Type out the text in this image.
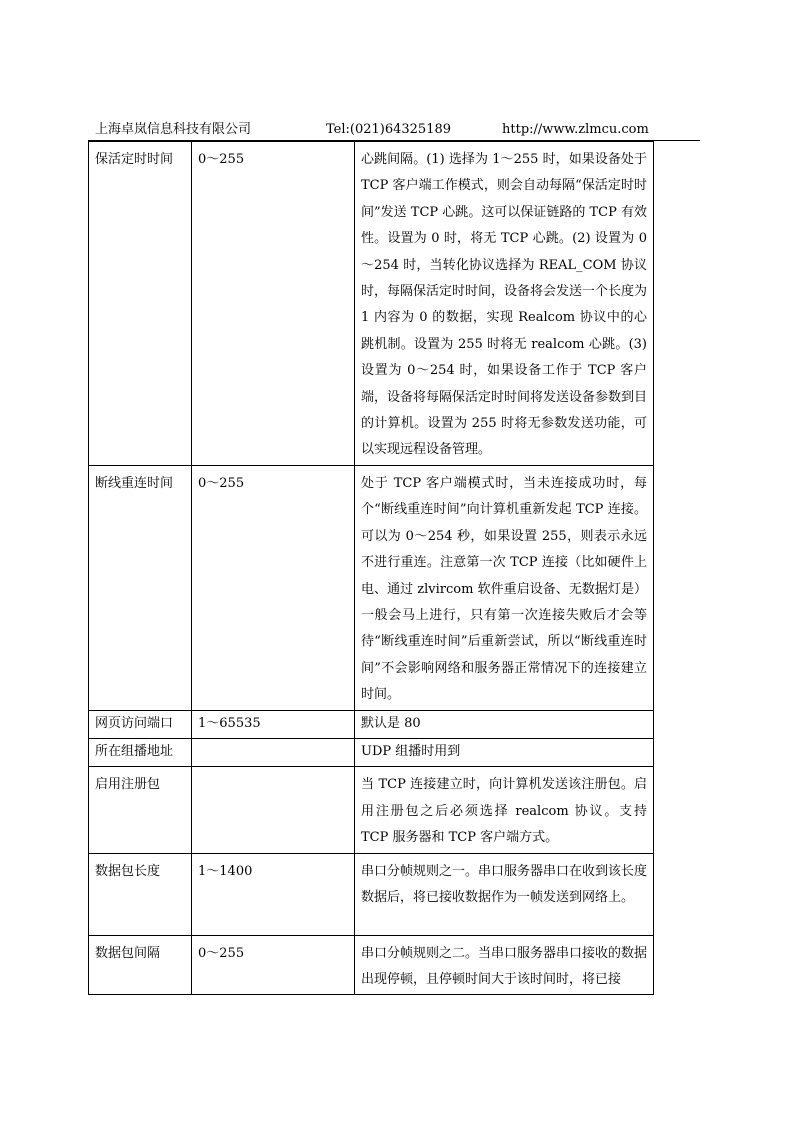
上海卓岚信息科技有限公司	Tel:(021)64325189	http://www.zlmcu.com
保活定时时间	0～255	心跳间隔。(1) 选择为 1～255 时，如果设备处于 TCP 客户端工作模式，则会自动每隔“保活定时时间”发送 TCP 心跳。这可以保证链路的 TCP 有效性。设置为 0 时，将无 TCP 心跳。(2) 设置为 0～254 时，当转化协议选择为 REAL_COM 协议时，每隔保活定时时间，设备将会发送一个长度为 1 内容为 0 的数据，实现 Realcom 协议中的心跳机制。设置为 255 时将无 realcom 心跳。(3) 设置为 0～254 时，如果设备工作于 TCP 客户端，设备将每隔保活定时时间将发送设备参数到目的计算机。设置为 255 时将无参数发送功能，可以实现远程设备管理。

断线重连时间	0～255	处于 TCP 客户端模式时，当未连接成功时，每个“断线重连时间”向计算机重新发起 TCP 连接。可以为 0～254 秒，如果设置 255，则表示永远不进行重连。注意第一次 TCP 连接（比如硬件上电、通过 zlvircom 软件重启设备、无数据灯是）一般会马上进行，只有第一次连接失败后才会等待“断线重连时间”后重新尝试，所以“断线重连时间”不会影响网络和服务器正常情况下的连接建立时间。

网页访问端口	1～65535	默认是 80

所在组播地址		UDP 组播时用到

启用注册包		当 TCP 连接建立时，向计算机发送该注册包。启用注册包之后必须选择 realcom 协议。支持 TCP 服务器和 TCP 客户端方式。

数据包长度	1～1400	串口分帧规则之一。串口服务器串口在收到该长度数据后，将已接收数据作为一帧发送到网络上。

数据包间隔	0～255	串口分帧规则之二。当串口服务器串口接收的数据出现停顿，且停顿时间大于该时间时，将已接
